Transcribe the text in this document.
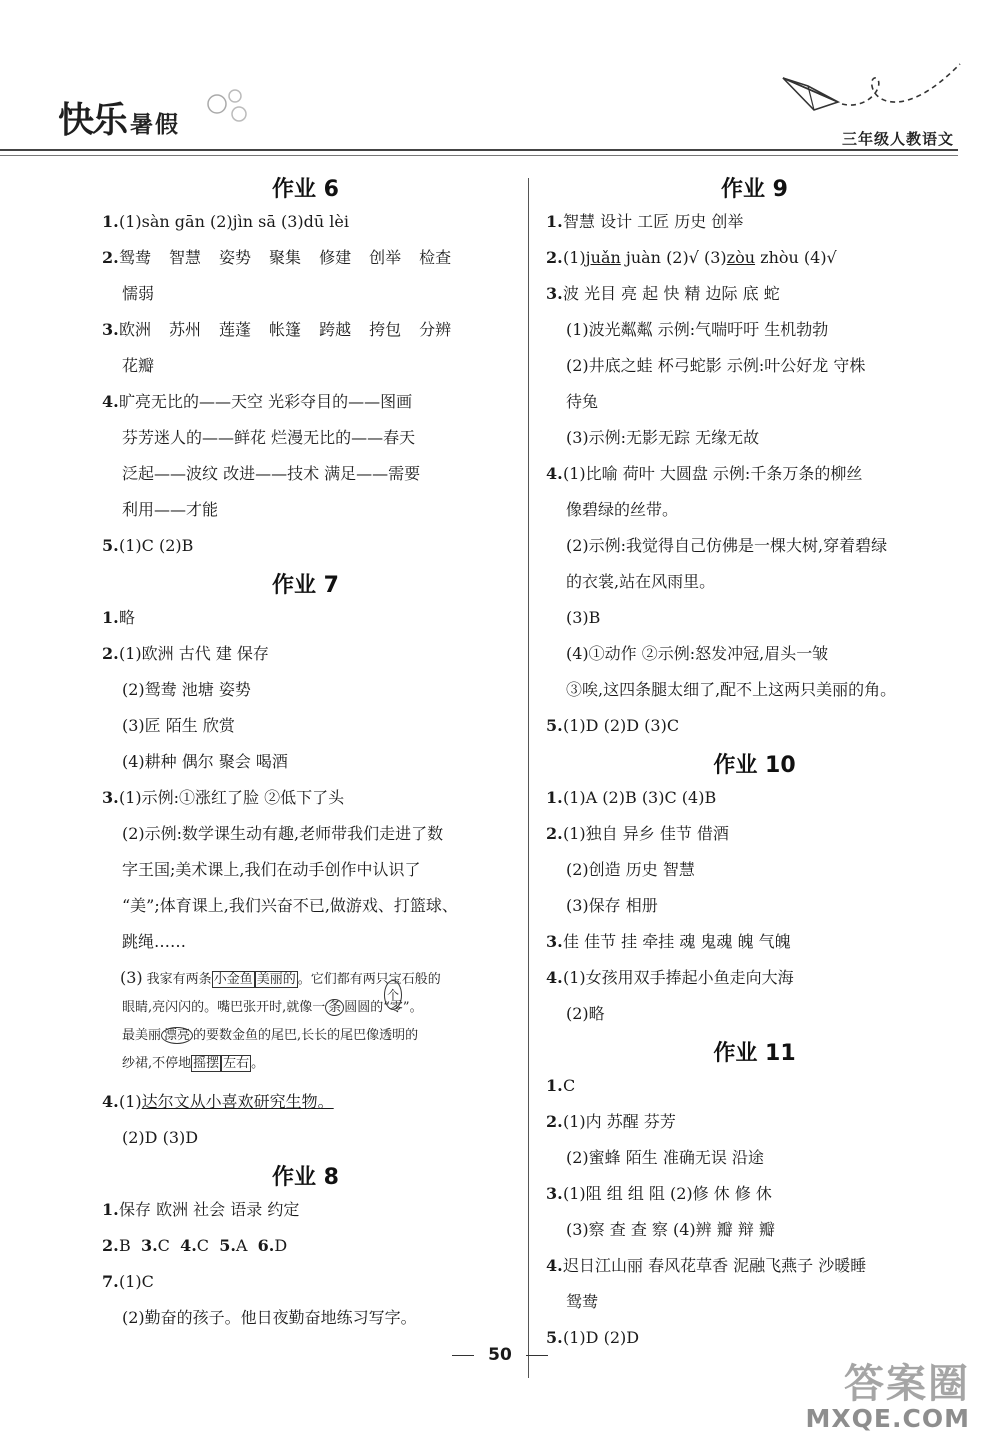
快乐 暑假
三年级人教语文
作业 6
1. (1)sàn gān (2)jìn sā (3)dū lèi
2. 鸳鸯 智慧 姿势 聚集 修建 创举 检查
懦弱
3. 欧洲 苏州 莲蓬 帐篷 跨越 挎包 分辨
花瓣
4. 旷亮无比的——天空 光彩夺目的——图画
芬芳迷人的——鲜花 烂漫无比的——春天
泛起——波纹 改进——技术 满足——需要
利用——才能
5. (1)C (2)B
作业 7
1. 略
2. (1)欧洲 古代 建 保存
(2)鸳鸯 池塘 姿势
(3)匠 陌生 欣赏
(4)耕种 偶尔 聚会 喝酒
3. (1)示例:①涨红了脸 ②低下了头
(2)示例:数学课生动有趣,老师带我们走进了数
字王国;美术课上,我们在动手创作中认识了
“美”;体育课上,我们兴奋不已,做游戏、打篮球、
跳绳……
(3) 我家有两条 小金鱼 美丽的 。它们都有两只宝石般的
眼睛,亮闪闪的。嘴巴张开时,就像一 条 圆圆的“零”。
个
最美丽 漂亮 的要数金鱼的尾巴,长长的尾巴像透明的
纱裙,不停地 摇摆 左右 。
4. (1)达尔文从小喜欢研究生物。
(2)D (3)D
作业 8
1. 保存 欧洲 社会 语录 约定
2. B 3.C 4.C 5.A 6.D
7. (1)C
(2)勤奋的孩子。他日夜勤奋地练习写字。
作业 9
1. 智慧 设计 工匠 历史 创举
2. (1)juǎn juàn (2)√ (3)zòu zhòu (4)√
3. 波 光目 亮 起 快 精 边际 底 蛇
(1)波光粼粼 示例:气喘吁吁 生机勃勃
(2)井底之蛙 杯弓蛇影 示例:叶公好龙 守株
待兔
(3)示例:无影无踪 无缘无故
4. (1)比喻 荷叶 大圆盘 示例:千条万条的柳丝
像碧绿的丝带。
(2)示例:我觉得自己仿佛是一棵大树,穿着碧绿
的衣裳,站在风雨里。
(3)B
(4)①动作 ②示例:怒发冲冠,眉头一皱
③唉,这四条腿太细了,配不上这两只美丽的角。
5. (1)D (2)D (3)C
作业 10
1. (1)A (2)B (3)C (4)B
2. (1)独自 异乡 佳节 借酒
(2)创造 历史 智慧
(3)保存 相册
3. 佳 佳节 挂 牵挂 魂 鬼魂 魄 气魄
4. (1)女孩用双手捧起小鱼走向大海
(2)略
作业 11
1. C
2. (1)内 苏醒 芬芳
(2)蜜蜂 陌生 准确无误 沿途
3. (1)阻 组 组 阻 (2)修 休 修 休
(3)察 查 查 察 (4)辨 瓣 辩 瓣
4. 迟日江山丽 春风花草香 泥融飞燕子 沙暖睡
鸳鸯
5. (1)D (2)D
50
答案圈
MXQE.COM
